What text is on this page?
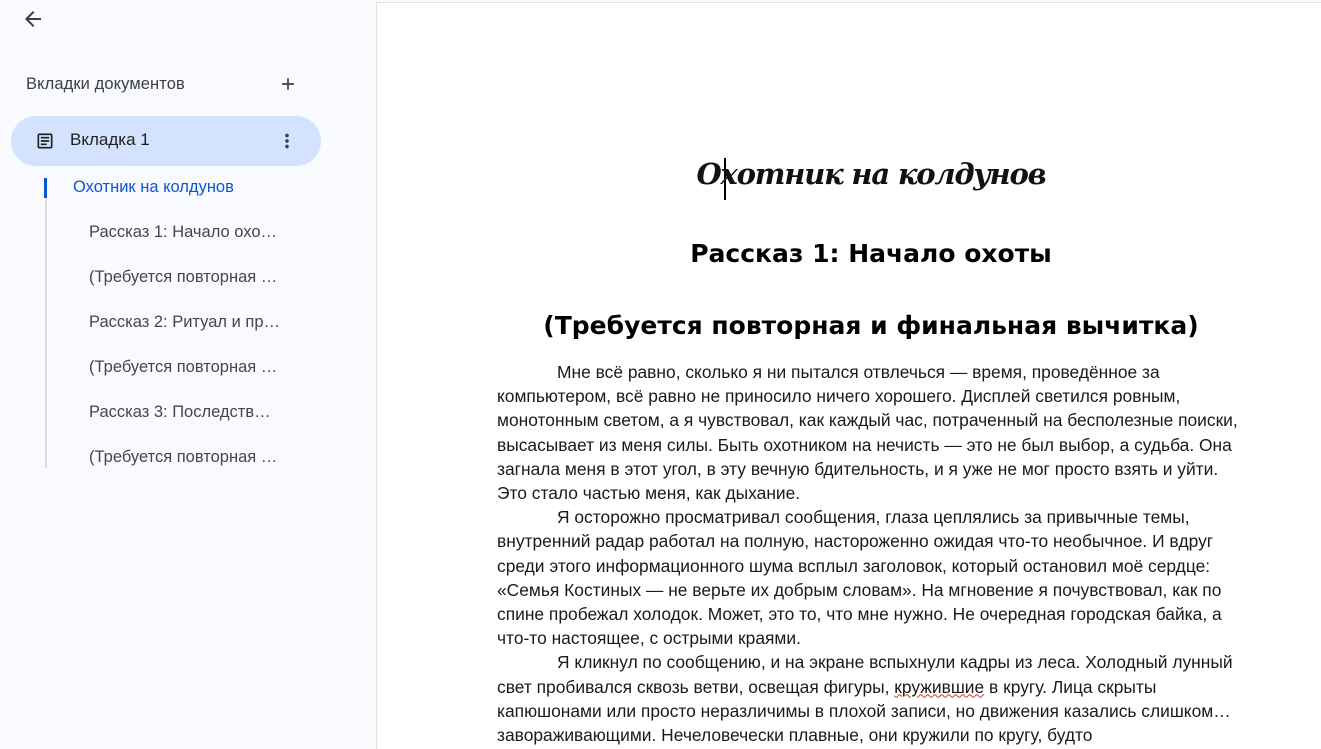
Вкладки документов
Вкладка 1
Охотник на колдунов
Рассказ 1: Начало охо…
(Требуется повторная …
Рассказ 2: Ритуал и пр…
(Требуется повторная …
Рассказ 3: Последств…
(Требуется повторная …
Охотник на колдунов
Рассказ 1: Начало охоты
(Требуется повторная и финальная вычитка)

Мне всё равно, сколько я ни пытался отвлечься — время, проведённое за компьютером, всё равно не приносило ничего хорошего. Дисплей светился ровным, монотонным светом, а я чувствовал, как каждый час, потраченный на бесполезные поиски, высасывает из меня силы. Быть охотником на нечисть — это не был выбор, а судьба. Она загнала меня в этот угол, в эту вечную бдительность, и я уже не мог просто взять и уйти. Это стало частью меня, как дыхание.

Я осторожно просматривал сообщения, глаза цеплялись за привычные темы, внутренний радар работал на полную, настороженно ожидая что-то необычное. И вдруг среди этого информационного шума всплыл заголовок, который остановил моё сердце: «Семья Костиных — не верьте их добрым словам». На мгновение я почувствовал, как по спине пробежал холодок. Может, это то, что мне нужно. Не очередная городская байка, а что-то настоящее, с острыми краями.

Я кликнул по сообщению, и на экране вспыхнули кадры из леса. Холодный лунный свет пробивался сквозь ветви, освещая фигуры, кружившие в кругу. Лица скрыты капюшонами или просто неразличимы в плохой записи, но движения казались слишком… завораживающими. Нечеловечески плавные, они кружили по кругу, будто
